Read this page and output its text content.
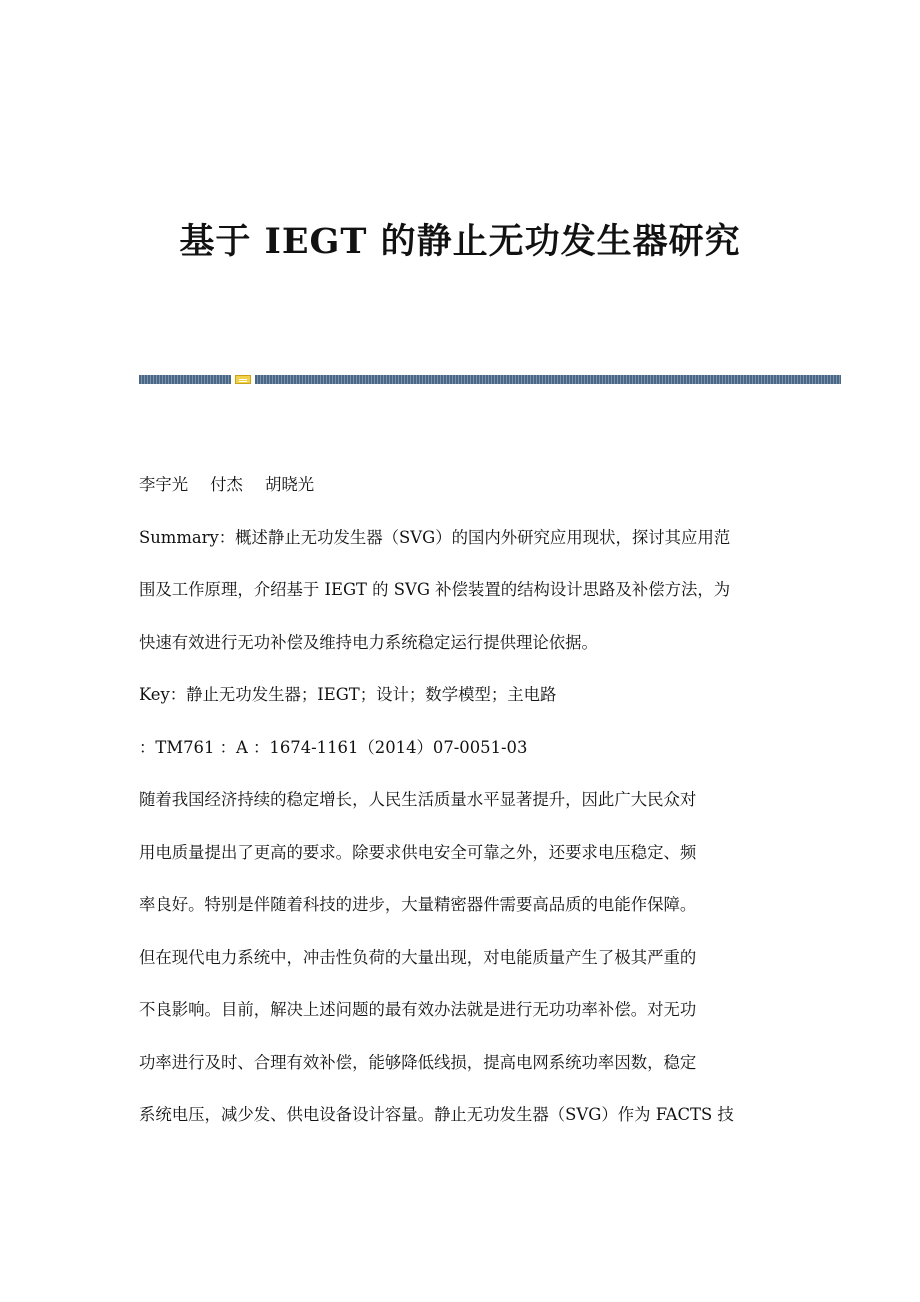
基于 IEGT 的静止无功发生器研究
李宇光 付杰 胡晓光
Summary：概述静止无功发生器（SVG）的国内外研究应用现状，探讨其应用范
围及工作原理，介绍基于 IEGT 的 SVG 补偿装置的结构设计思路及补偿方法，为
快速有效进行无功补偿及维持电力系统稳定运行提供理论依据。
Key：静止无功发生器；IEGT；设计；数学模型；主电路
：TM761 ：A ：1674-1161（2014）07-0051-03
随着我国经济持续的稳定增长，人民生活质量水平显著提升，因此广大民众对
用电质量提出了更高的要求。除要求供电安全可靠之外，还要求电压稳定、频
率良好。特别是伴随着科技的进步，大量精密器件需要高品质的电能作保障。
但在现代电力系统中，冲击性负荷的大量出现，对电能质量产生了极其严重的
不良影响。目前，解决上述问题的最有效办法就是进行无功功率补偿。对无功
功率进行及时、合理有效补偿，能够降低线损，提高电网系统功率因数，稳定
系统电压，减少发、供电设备设计容量。静止无功发生器（SVG）作为 FACTS 技
